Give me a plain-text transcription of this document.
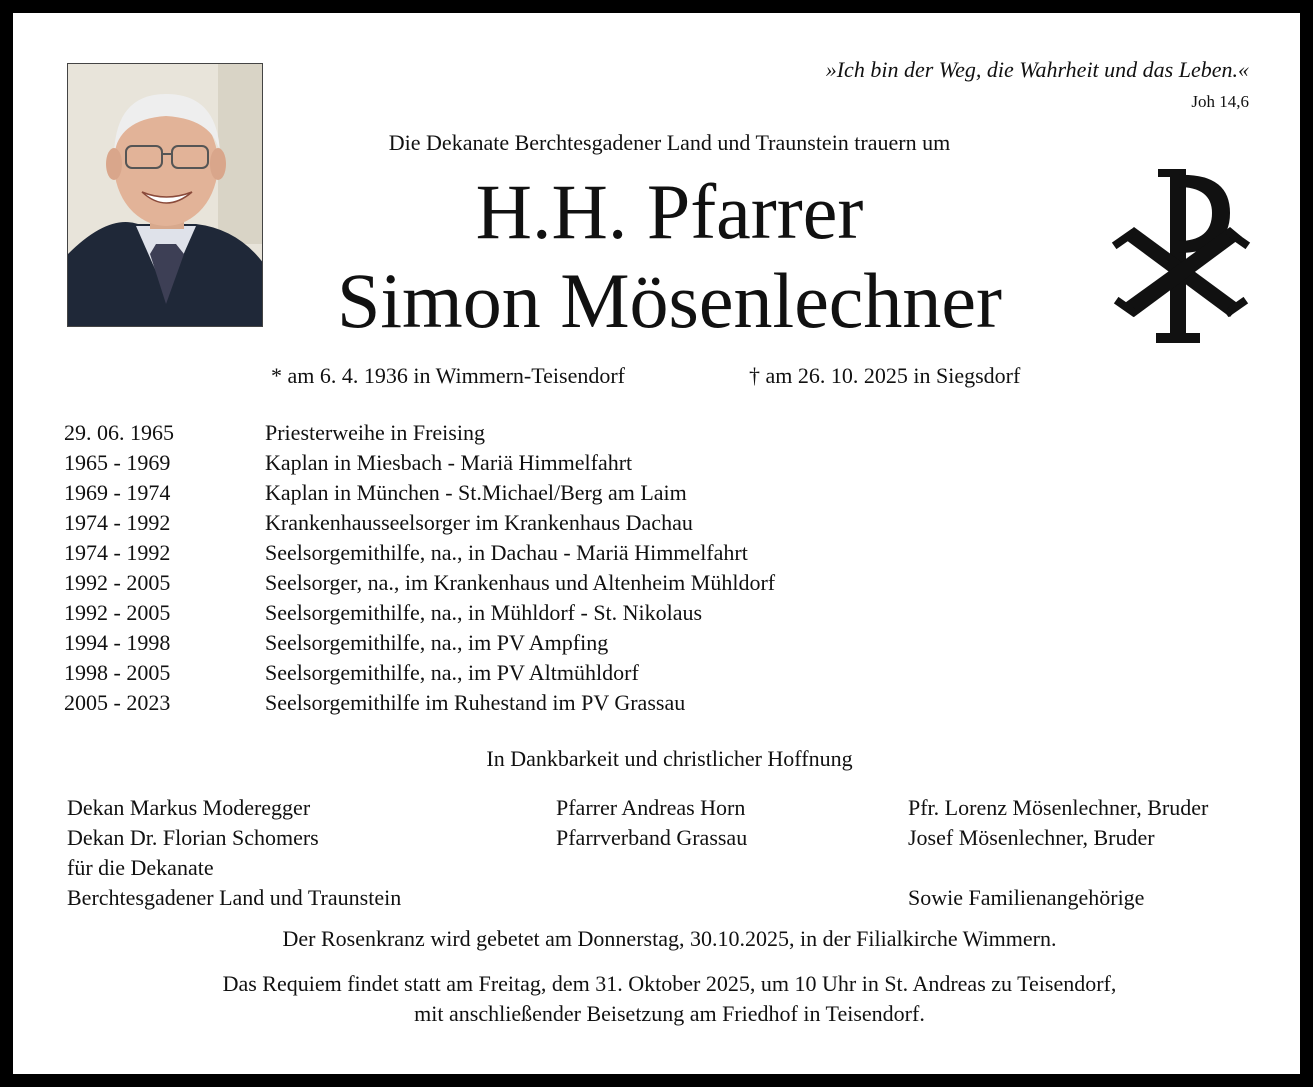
»Ich bin der Weg, die Wahrheit und das Leben.«
Joh 14,6
Die Dekanate Berchtesgadener Land und Traunstein trauern um
H.H. Pfarrer
Simon Mösenlechner
* am 6. 4. 1936 in Wimmern-Teisendorf	† am 26. 10. 2025 in Siegsdorf
29. 06. 1965	Priesterweihe in Freising
1965 - 1969	Kaplan in Miesbach - Mariä Himmelfahrt
1969 - 1974	Kaplan in München - St.Michael/Berg am Laim
1974 - 1992	Krankenhausseelsorger im Krankenhaus Dachau
1974 - 1992	Seelsorgemithilfe, na., in Dachau - Mariä Himmelfahrt
1992 - 2005	Seelsorger, na., im Krankenhaus und Altenheim Mühldorf
1992 - 2005	Seelsorgemithilfe, na., in Mühldorf - St. Nikolaus
1994 - 1998	Seelsorgemithilfe, na., im PV Ampfing
1998 - 2005	Seelsorgemithilfe, na., im PV Altmühldorf
2005 - 2023	Seelsorgemithilfe im Ruhestand im PV Grassau
In Dankbarkeit und christlicher Hoffnung
Dekan Markus Moderegger
Dekan Dr. Florian Schomers
für die Dekanate
Berchtesgadener Land und Traunstein
Pfarrer Andreas Horn
Pfarrverband Grassau
Pfr. Lorenz Mösenlechner, Bruder
Josef Mösenlechner, Bruder

Sowie Familienangehörige
Der Rosenkranz wird gebetet am Donnerstag, 30.10.2025, in der Filialkirche Wimmern.
Das Requiem findet statt am Freitag, dem 31. Oktober 2025, um 10 Uhr in St. Andreas zu Teisendorf,
mit anschließender Beisetzung am Friedhof in Teisendorf.
